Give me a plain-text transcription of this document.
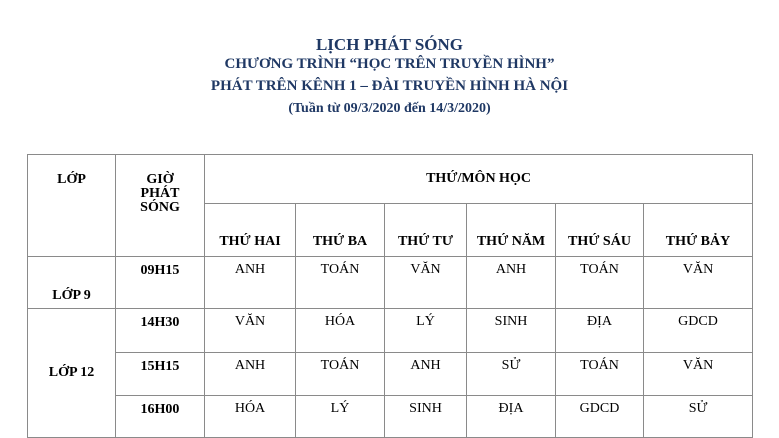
LỊCH PHÁT SÓNG
CHƯƠNG TRÌNH “HỌC TRÊN TRUYỀN HÌNH”
PHÁT TRÊN KÊNH 1 – ĐÀI TRUYỀN HÌNH HÀ NỘI
(Tuần từ 09/3/2020 đến 14/3/2020)
LỚP	GIỜ PHÁT SÓNG	THỨ/MÔN HỌC					
		THỨ HAI	THỨ BA	THỨ TƯ	THỨ NĂM	THỨ SÁU	THỨ BẢY
LỚP 9	09H15	ANH	TOÁN	VĂN	ANH	TOÁN	VĂN
LỚP 12	14H30	VĂN	HÓA	LÝ	SINH	ĐỊA	GDCD
	15H15	ANH	TOÁN	ANH	SỬ	TOÁN	VĂN
	16H00	HÓA	LÝ	SINH	ĐỊA	GDCD	SỬ
